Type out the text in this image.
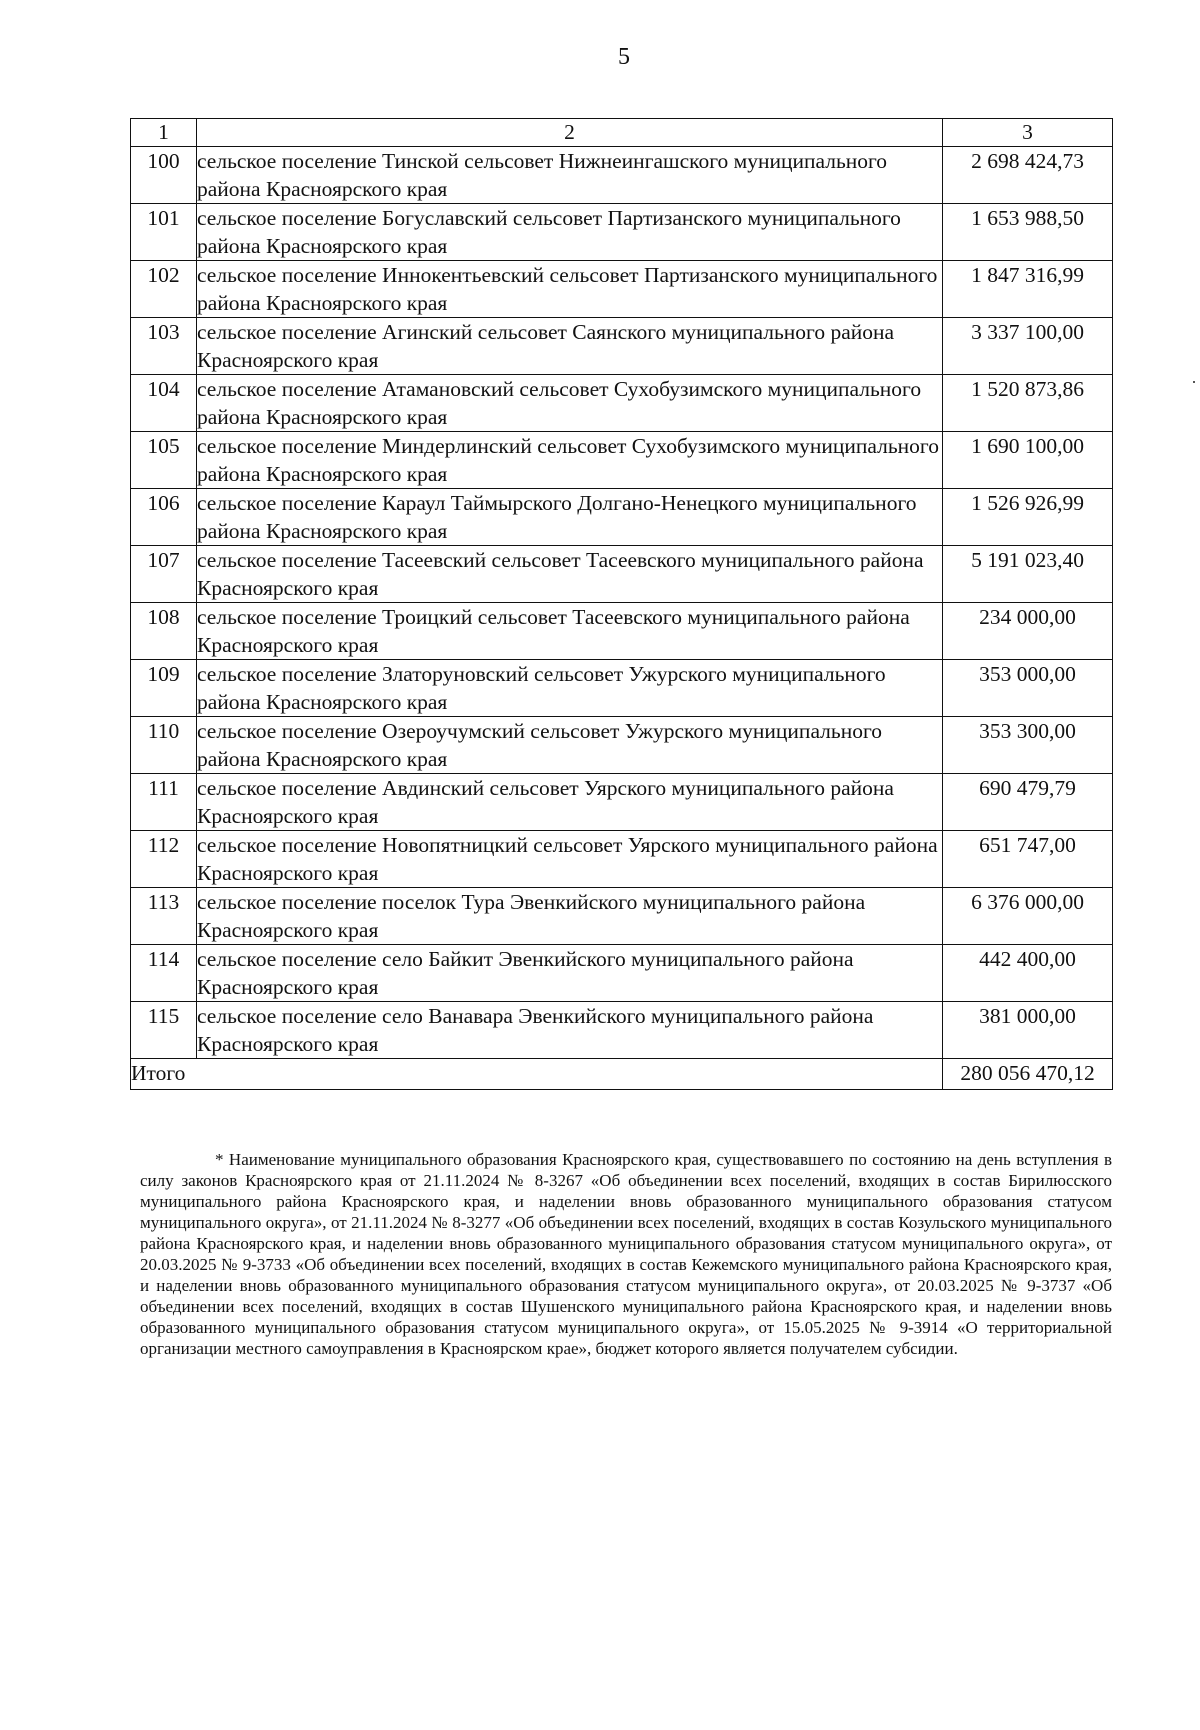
5
1	2	3
100	сельское поселение Тинской сельсовет Нижнеингашского муниципального района Красноярского края	2 698 424,73
101	сельское поселение Богуславский сельсовет Партизанского муниципального района Красноярского края	1 653 988,50
102	сельское поселение Иннокентьевский сельсовет Партизанского муниципального района Красноярского края	1 847 316,99
103	сельское поселение Агинский сельсовет Саянского муниципального района Красноярского края	3 337 100,00
104	сельское поселение Атамановский сельсовет Сухобузимского муниципального района Красноярского края	1 520 873,86
105	сельское поселение Миндерлинский сельсовет Сухобузимского муниципального района Красноярского края	1 690 100,00
106	сельское поселение Караул Таймырского Долгано-Ненецкого муниципального района Красноярского края	1 526 926,99
107	сельское поселение Тасеевский сельсовет Тасеевского муниципального района Красноярского края	5 191 023,40
108	сельское поселение Троицкий сельсовет Тасеевского муниципального района Красноярского края	234 000,00
109	сельское поселение Златоруновский сельсовет Ужурского муниципального района Красноярского края	353 000,00
110	сельское поселение Озероучумский сельсовет Ужурского муниципального района Красноярского края	353 300,00
111	сельское поселение Авдинский сельсовет Уярского муниципального района Красноярского края	690 479,79
112	сельское поселение Новопятницкий сельсовет Уярского муниципального района Красноярского края	651 747,00
113	сельское поселение поселок Тура Эвенкийского муниципального района Красноярского края	6 376 000,00
114	сельское поселение село Байкит Эвенкийского муниципального района Красноярского края	442 400,00
115	сельское поселение село Ванавара Эвенкийского муниципального района Красноярского края	381 000,00
Итого		280 056 470,12

* Наименование муниципального образования Красноярского края, существовавшего по состоянию на день вступления в силу законов Красноярского края от 21.11.2024 № 8-3267 «Об объединении всех поселений, входящих в состав Бирилюсского муниципального района Красноярского края, и наделении вновь образованного муниципального образования статусом муниципального округа», от 21.11.2024 № 8-3277 «Об объединении всех поселений, входящих в состав Козульского муниципального района Красноярского края, и наделении вновь образованного муниципального образования статусом муниципального округа», от 20.03.2025 № 9-3733 «Об объединении всех поселений, входящих в состав Кежемского муниципального района Красноярского края, и наделении вновь образованного муниципального образования статусом муниципального округа», от 20.03.2025 № 9-3737 «Об объединении всех поселений, входящих в состав Шушенского муниципального района Красноярского края, и наделении вновь образованного муниципального образования статусом муниципального округа», от 15.05.2025 № 9-3914 «О территориальной организации местного самоуправления в Красноярском крае», бюджет которого является получателем субсидии.
